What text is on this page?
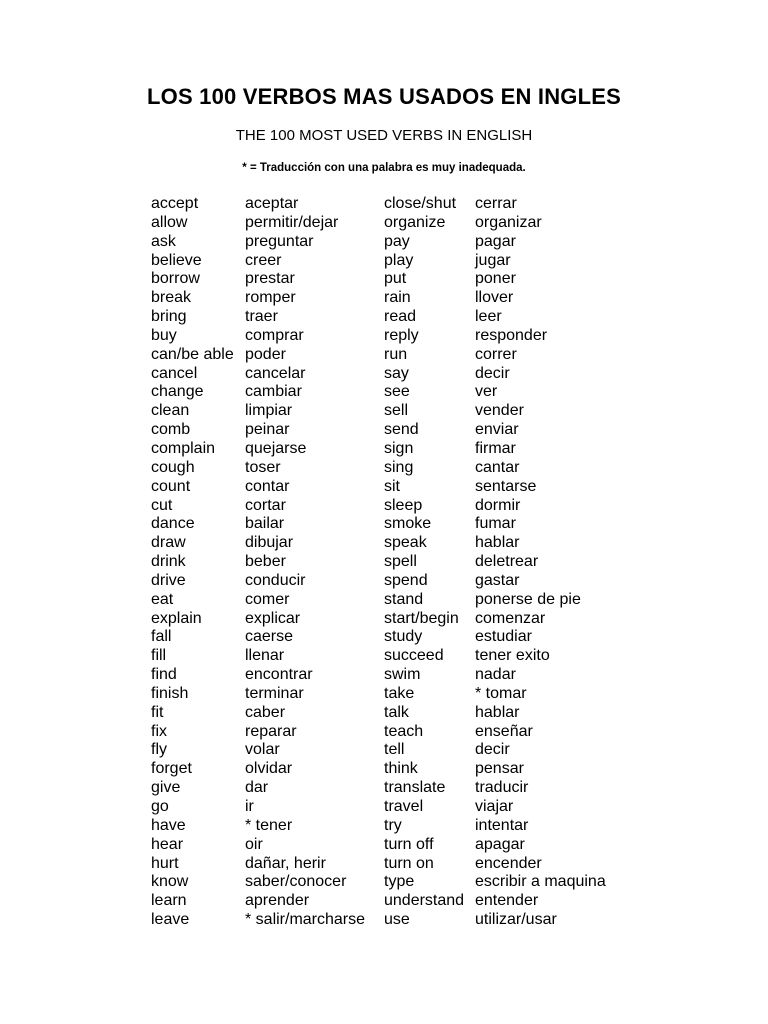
LOS 100 VERBOS MAS USADOS EN INGLES
THE 100 MOST USED VERBS IN ENGLISH
* = Traducción con una palabra es muy inadequada.
accept
allow
ask
believe
borrow
break
bring
buy
can/be able
cancel
change
clean
comb
complain
cough
count
cut
dance
draw
drink
drive
eat
explain
fall
fill
find
finish
fit
fix
fly
forget
give
go
have
hear
hurt
know
learn
leave
aceptar
permitir/dejar
preguntar
creer
prestar
romper
traer
comprar
poder
cancelar
cambiar
limpiar
peinar
quejarse
toser
contar
cortar
bailar
dibujar
beber
conducir
comer
explicar
caerse
llenar
encontrar
terminar
caber
reparar
volar
olvidar
dar
ir
* tener
oir
dañar, herir
saber/conocer
aprender
* salir/marcharse
close/shut
organize
pay
play
put
rain
read
reply
run
say
see
sell
send
sign
sing
sit
sleep
smoke
speak
spell
spend
stand
start/begin
study
succeed
swim
take
talk
teach
tell
think
translate
travel
try
turn off
turn on
type
understand
use
cerrar
organizar
pagar
jugar
poner
llover
leer
responder
correr
decir
ver
vender
enviar
firmar
cantar
sentarse
dormir
fumar
hablar
deletrear
gastar
ponerse de pie
comenzar
estudiar
tener exito
nadar
* tomar
hablar
enseñar
decir
pensar
traducir
viajar
intentar
apagar
encender
escribir a maquina
entender
utilizar/usar
